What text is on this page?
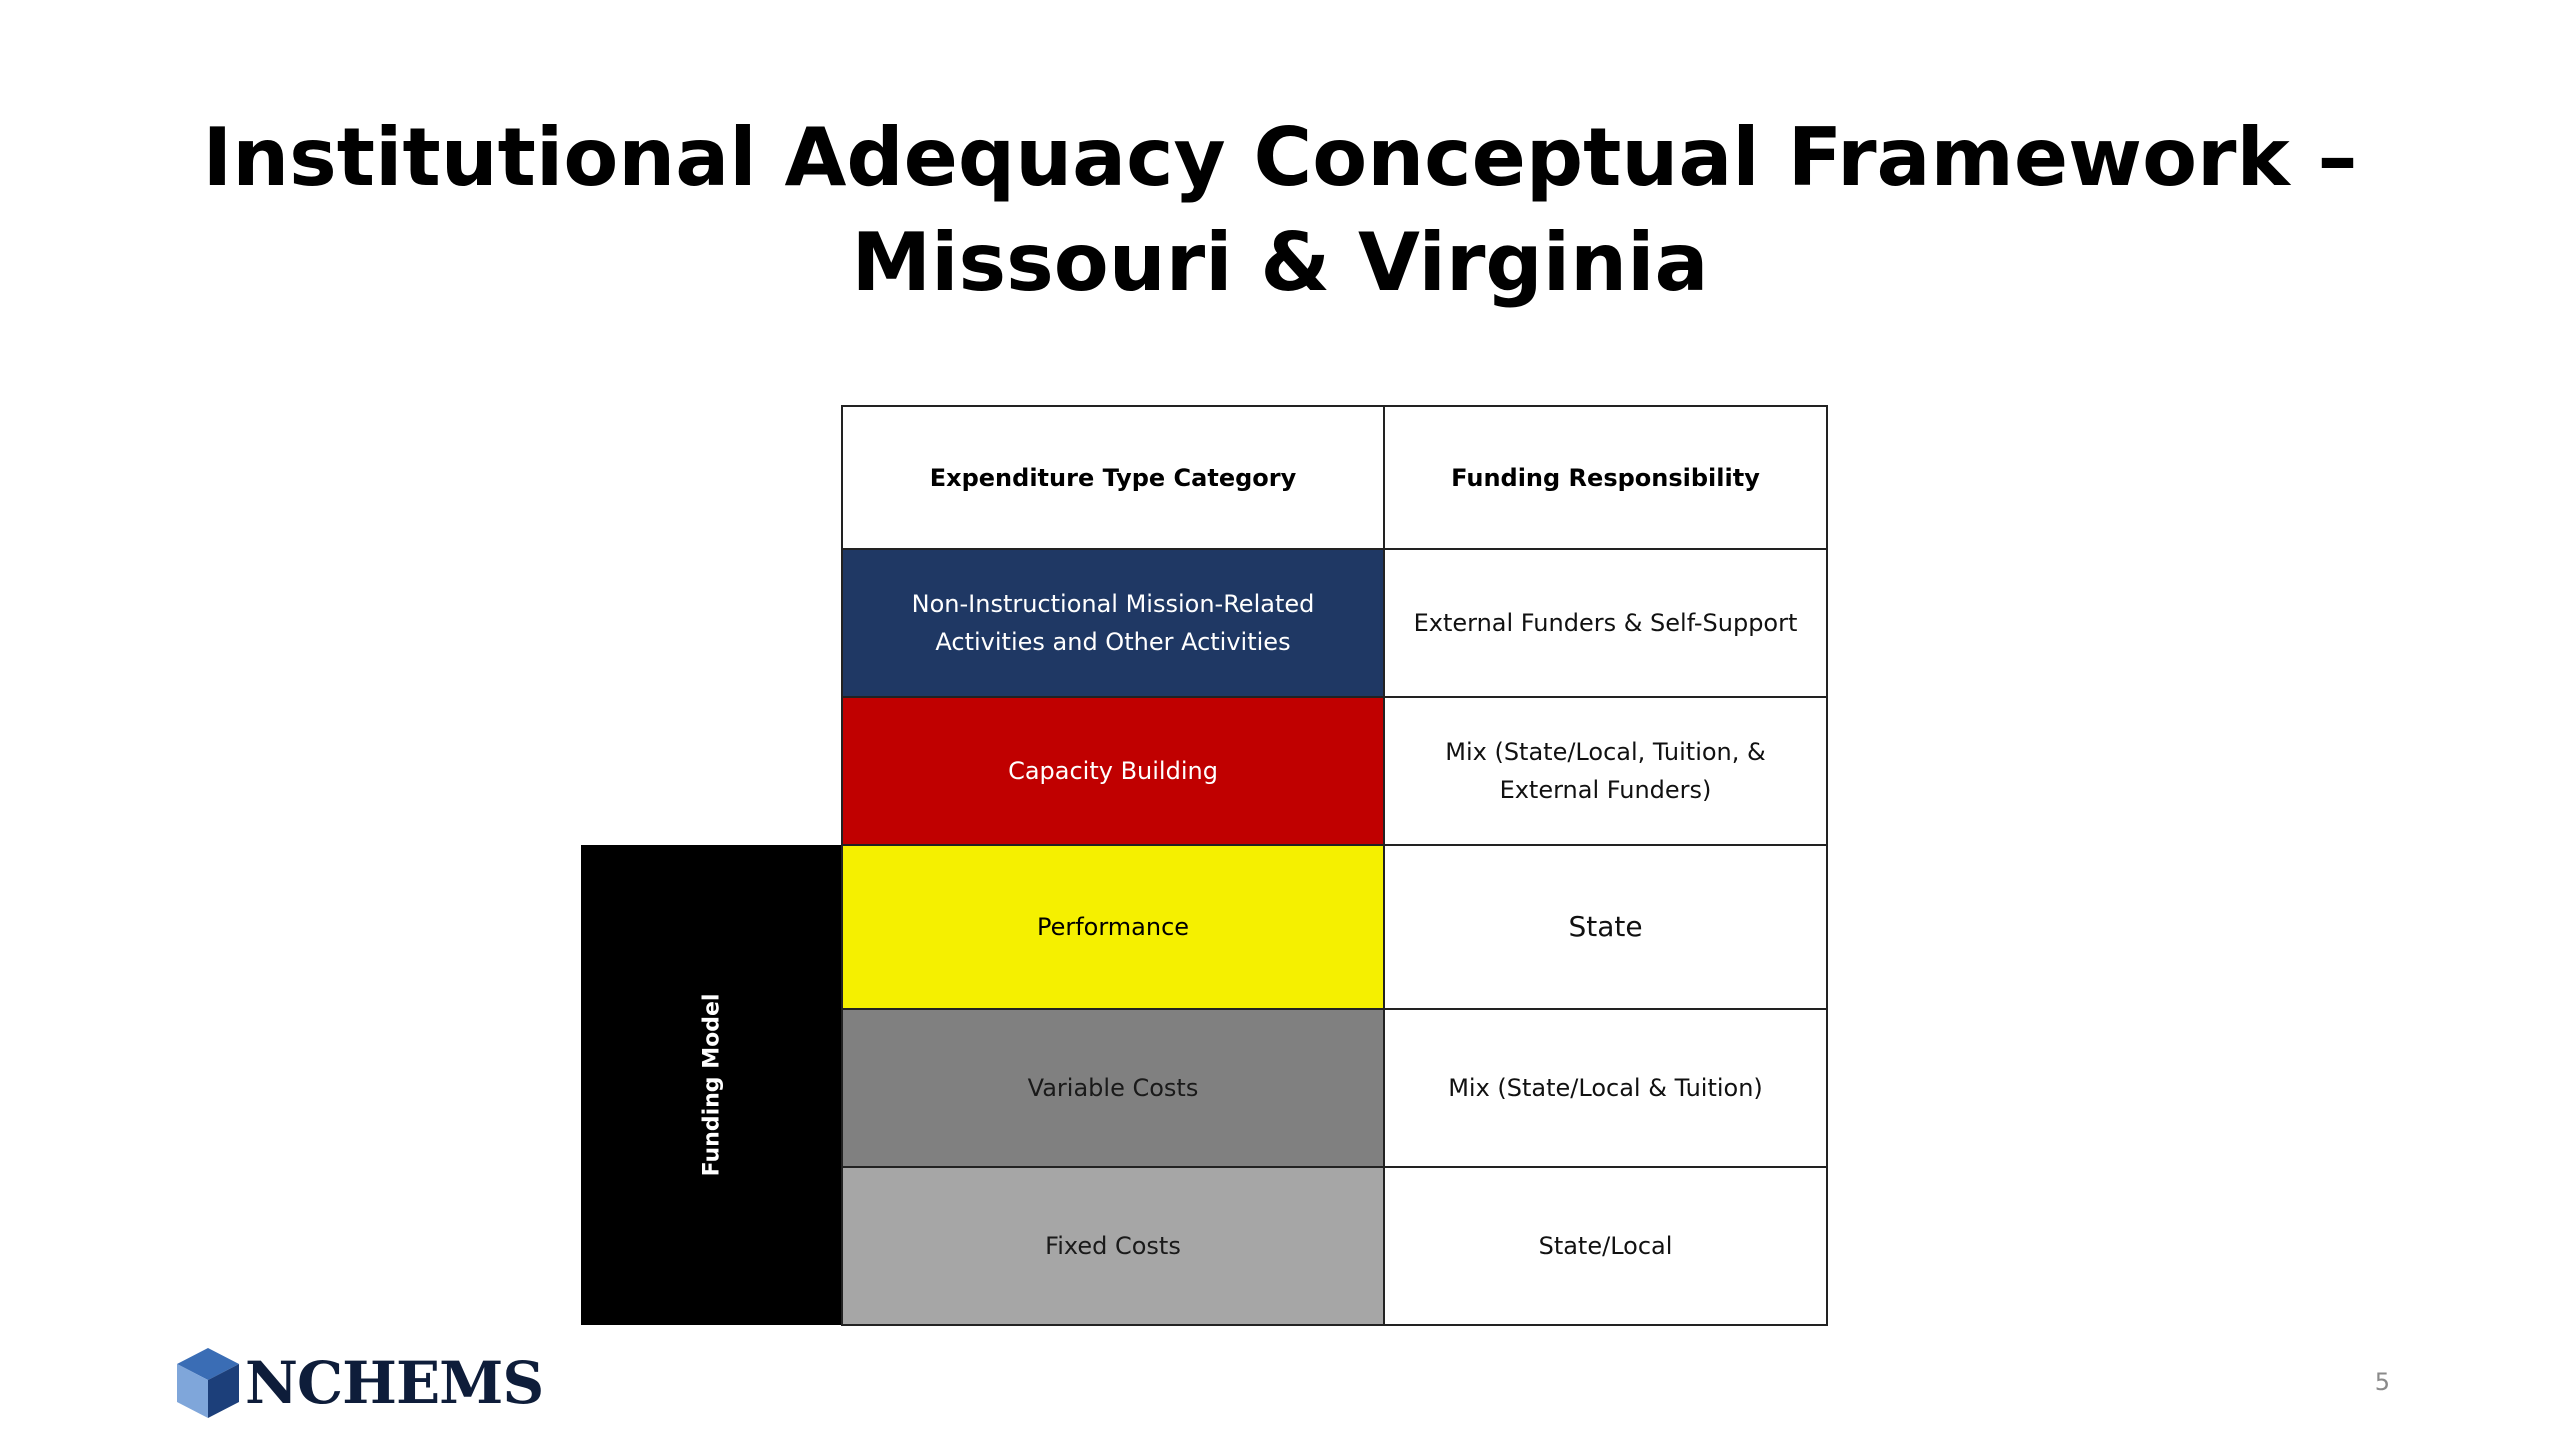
Institutional Adequacy Conceptual Framework –
Missouri & Virginia
Funding Model
Expenditure Type Category	Funding Responsibility
Non-Instructional Mission-Related Activities and Other Activities	External Funders & Self-Support
Capacity Building	Mix (State/Local, Tuition, & External Funders)
Performance	State
Variable Costs	Mix (State/Local & Tuition)
Fixed Costs	State/Local
NCHEMS	5
